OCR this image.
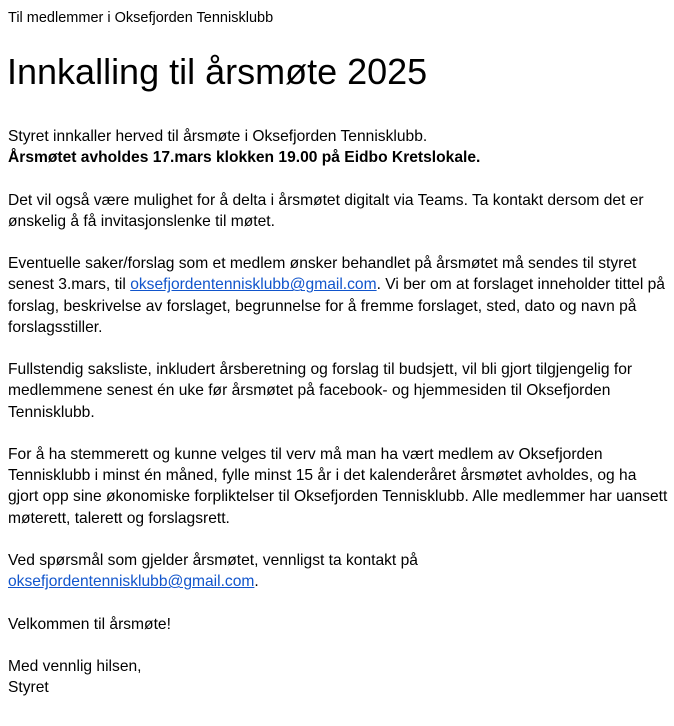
Til medlemmer i Oksefjorden Tennisklubb

Innkalling til årsmøte 2025

Styret innkaller herved til årsmøte i Oksefjorden Tennisklubb.
Årsmøtet avholdes 17.mars klokken 19.00 på Eidbo Kretslokale.

Det vil også være mulighet for å delta i årsmøtet digitalt via Teams. Ta kontakt dersom det er ønskelig å få invitasjonslenke til møtet.

Eventuelle saker/forslag som et medlem ønsker behandlet på årsmøtet må sendes til styret senest 3.mars, til oksefjordentennisklubb@gmail.com. Vi ber om at forslaget inneholder tittel på forslag, beskrivelse av forslaget, begrunnelse for å fremme forslaget, sted, dato og navn på forslagsstiller.

Fullstendig saksliste, inkludert årsberetning og forslag til budsjett, vil bli gjort tilgjengelig for medlemmene senest én uke før årsmøtet på facebook- og hjemmesiden til Oksefjorden Tennisklubb.

For å ha stemmerett og kunne velges til verv må man ha vært medlem av Oksefjorden Tennisklubb i minst én måned, fylle minst 15 år i det kalenderåret årsmøtet avholdes, og ha gjort opp sine økonomiske forpliktelser til Oksefjorden Tennisklubb. Alle medlemmer har uansett møterett, talerett og forslagsrett.

Ved spørsmål som gjelder årsmøtet, vennligst ta kontakt på
oksefjordentennisklubb@gmail.com.

Velkommen til årsmøte!

Med vennlig hilsen,
Styret
